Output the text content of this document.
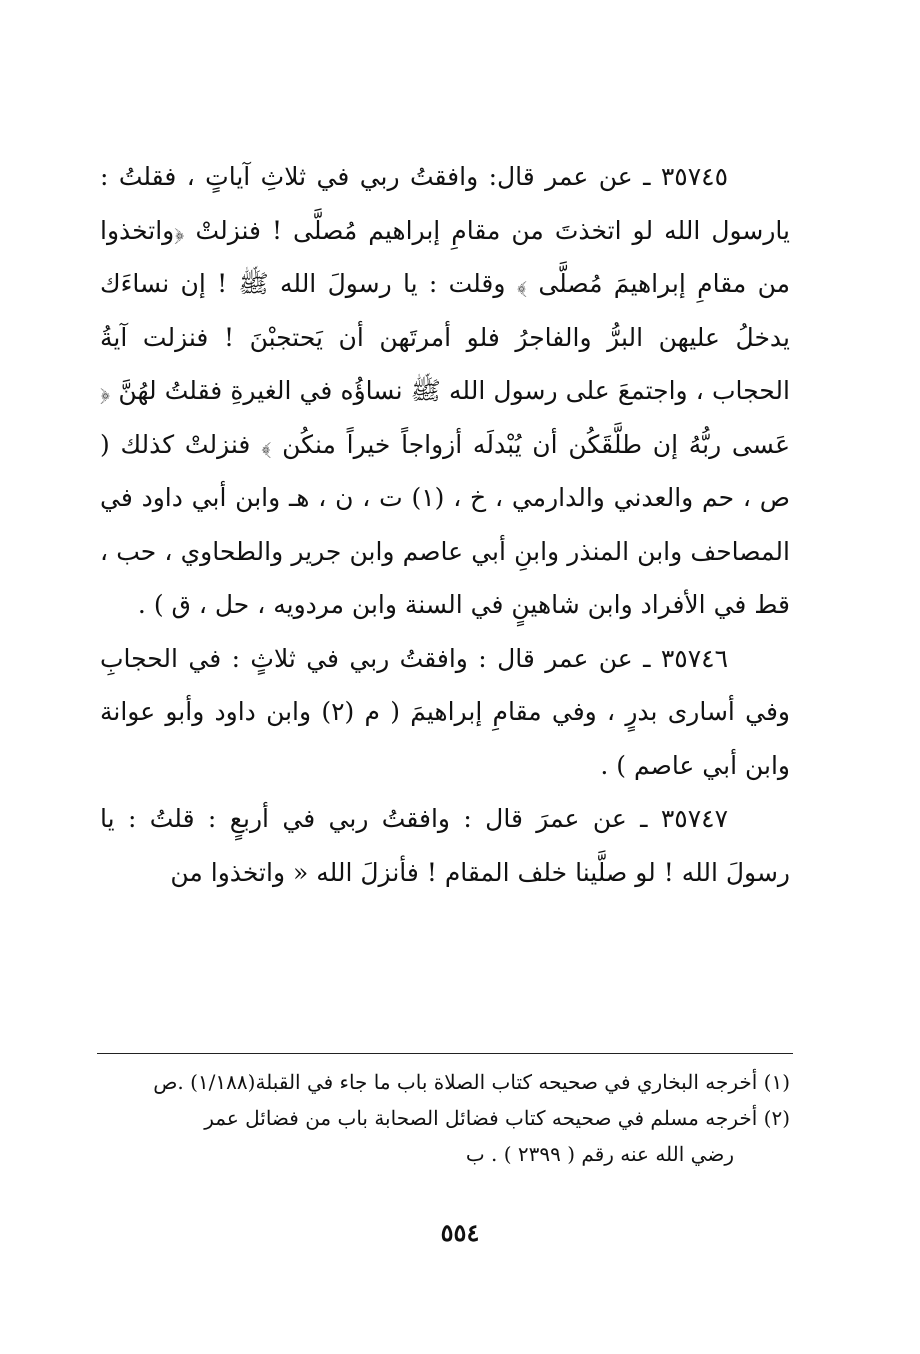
٣٥٧٤٥ ـ عن عمر قال: وافقتُ ربي في ثلاثِ آياتٍ ، فقلتُ : يارسول الله لو اتخذتَ من مقامِ إبراهيم مُصلَّى ! فنزلتْ ﴿واتخذوا من مقامِ إبراهيمَ مُصلَّى ﴾ وقلت : يا رسولَ الله ﷺ ! إن نساءَك يدخلُ عليهن البرُّ والفاجرُ فلو أمرتَهن أن يَحتجبْنَ ! فنزلت آيةُ الحجاب ، واجتمعَ على رسول الله ﷺ نساؤُه في الغيرةِ فقلتُ لهُنَّ ﴿ عَسى ربُّهُ إن طلَّقَكُن أن يُبْدلَه أزواجاً خيراً منكُن ﴾ فنزلتْ كذلك ( ص ، حم والعدني والدارمي ، خ ، (١) ت ، ن ، هـ وابن أبي داود في المصاحف وابن المنذر وابنِ أبي عاصم وابن جرير والطحاوي ، حب ، قط في الأفراد وابن شاهينٍ في السنة وابن مردويه ، حل ، ق ) .

٣٥٧٤٦ ـ عن عمر قال : وافقتُ ربي في ثلاثٍ : في الحجابِ وفي أسارى بدرٍ ، وفي مقامِ إبراهيمَ ( م (٢) وابن داود وأبو عوانة وابن أبي عاصم ) .

٣٥٧٤٧ ـ عن عمرَ قال : وافقتُ ربي في أربعٍ : قلتُ : يا رسولَ الله ! لو صلَّينا خلف المقام ! فأنزلَ الله « واتخذوا من

(١) أخرجه البخاري في صحيحه كتاب الصلاة باب ما جاء في القبلة(١/١٨٨) .ص

(٢) أخرجه مسلم في صحيحه كتاب فضائل الصحابة باب من فضائل عمر

رضي الله عنه رقم ( ٢٣٩٩ ) . ب

٥٥٤
